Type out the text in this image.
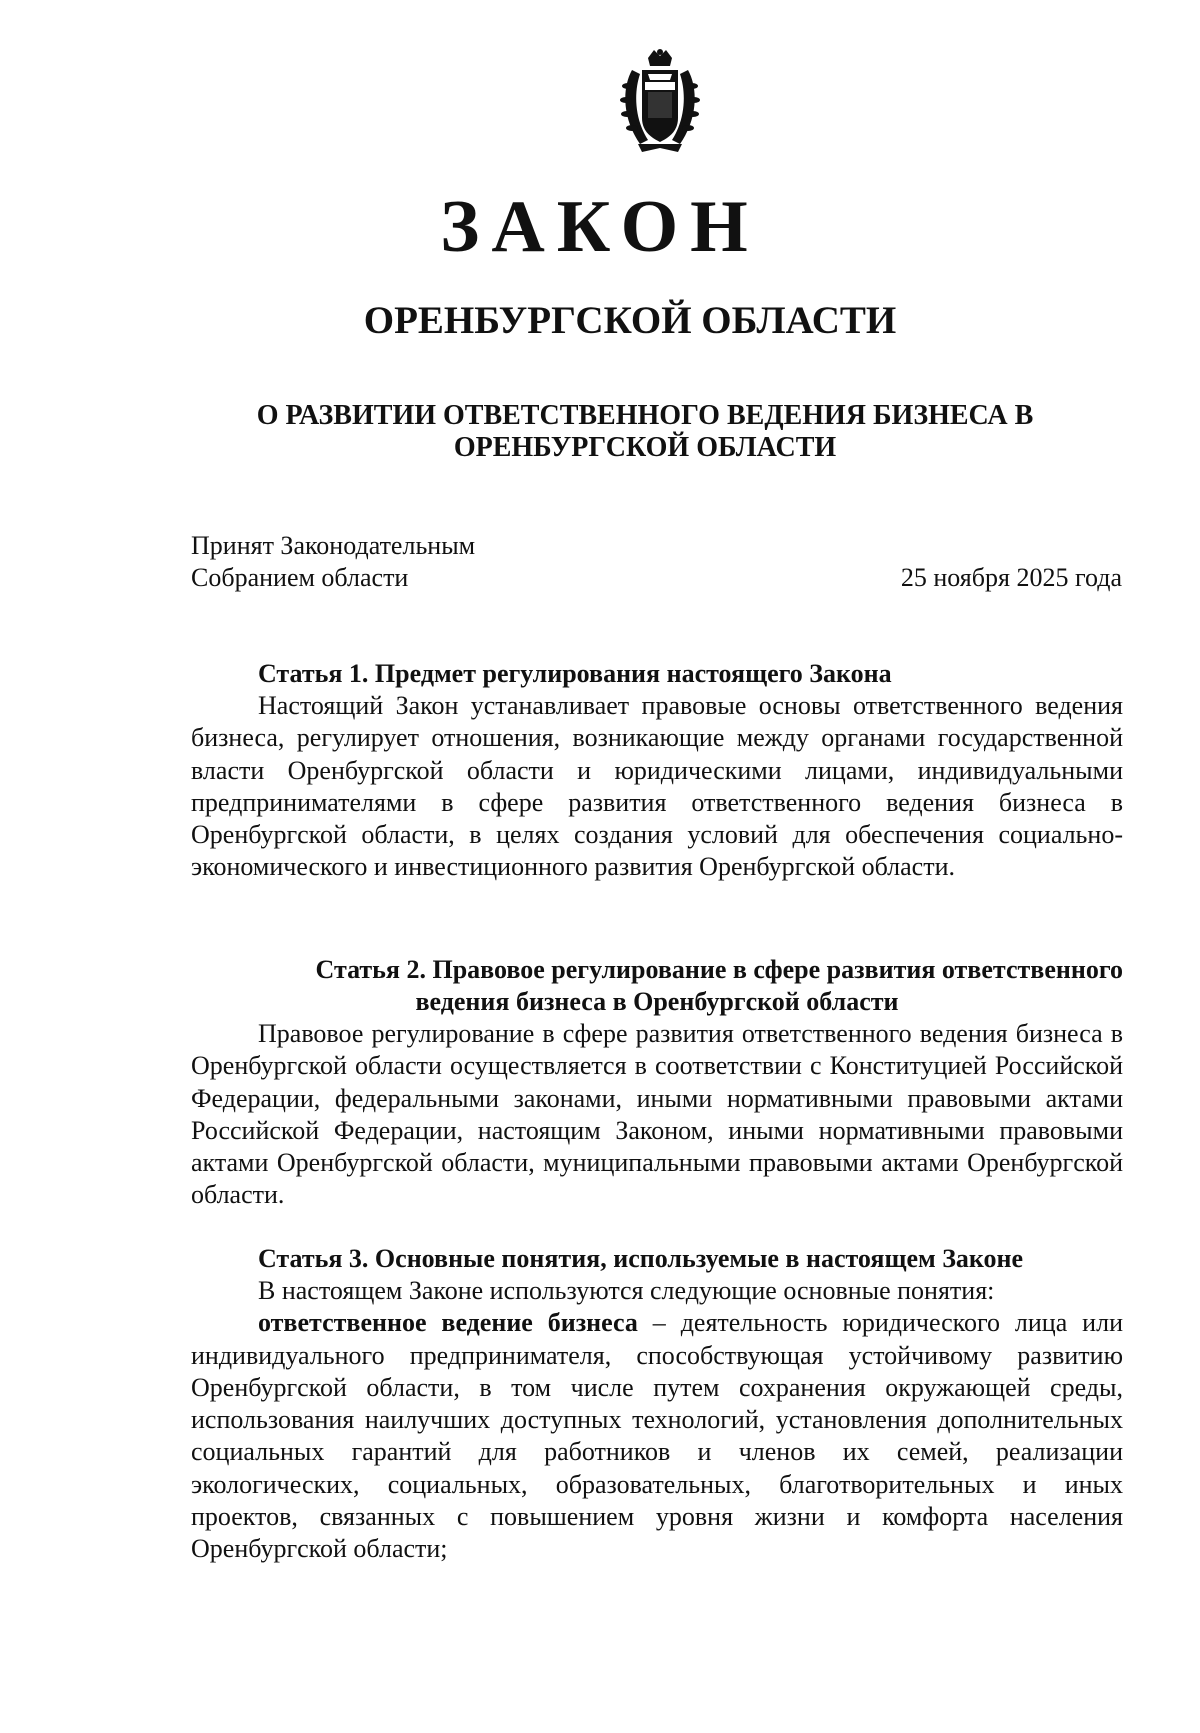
ЗАКОН
ОРЕНБУРГСКОЙ ОБЛАСТИ
О РАЗВИТИИ ОТВЕТСТВЕННОГО ВЕДЕНИЯ БИЗНЕСА В
ОРЕНБУРГСКОЙ ОБЛАСТИ
Принят Законодательным
Собранием области	25 ноября 2025 года
Статья 1. Предмет регулирования настоящего Закона

Настоящий Закон устанавливает правовые основы ответственного ведения бизнеса, регулирует отношения, возникающие между органами государственной власти Оренбургской области и юридическими лицами, индивидуальными предпринимателями в сфере развития ответственного ведения бизнеса в Оренбургской области, в целях создания условий для обеспечения социально-экономического и инвестиционного развития Оренбургской области.

Статья 2. Правовое регулирование в сфере развития ответственного
ведения бизнеса в Оренбургской области

Правовое регулирование в сфере развития ответственного ведения бизнеса в Оренбургской области осуществляется в соответствии с Конституцией Российской Федерации, федеральными законами, иными нормативными правовыми актами Российской Федерации, настоящим Законом, иными нормативными правовыми актами Оренбургской области, муниципальными правовыми актами Оренбургской области.

Статья 3. Основные понятия, используемые в настоящем Законе

В настоящем Законе используются следующие основные понятия:

ответственное ведение бизнеса – деятельность юридического лица или индивидуального предпринимателя, способствующая устойчивому развитию Оренбургской области, в том числе путем сохранения окружающей среды, использования наилучших доступных технологий, установления дополнительных социальных гарантий для работников и членов их семей, реализации экологических, социальных, образовательных, благотворительных и иных проектов, связанных с повышением уровня жизни и комфорта населения Оренбургской области;
